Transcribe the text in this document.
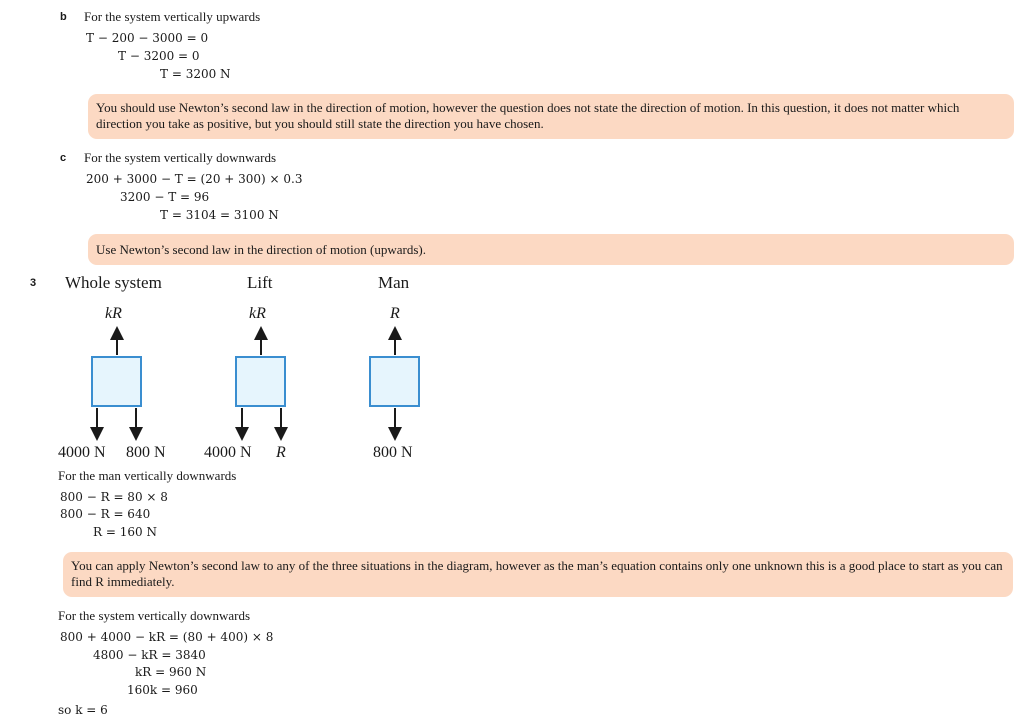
b For the system vertically upwards
T − 200 − 3000 = 0
T − 3200 = 0
T = 3200 N
You should use Newton’s second law in the direction of motion, however the question does not state the direction of motion. In this question, it does not matter which direction you take as positive, but you should still state the direction you have chosen.
c For the system vertically downwards
200 + 3000 − T = (20 + 300) × 0.3
3200 − T = 96
T = 3104 = 3100 N
Use Newton’s second law in the direction of motion (upwards).
3 Whole system	Lift	Man
kR	kR	R
4000 N 800 N 4000 N R	800 N
For the man vertically downwards
800 − R = 80 × 8
800 − R = 640
R = 160 N
You can apply Newton’s second law to any of the three situations in the diagram, however as the man’s equation contains only one unknown this is a good place to start as you can find R immediately.
For the system vertically downwards
800 + 4000 − kR = (80 + 400) × 8
4800 − kR = 3840
kR = 960 N
160k = 960
so k = 6
